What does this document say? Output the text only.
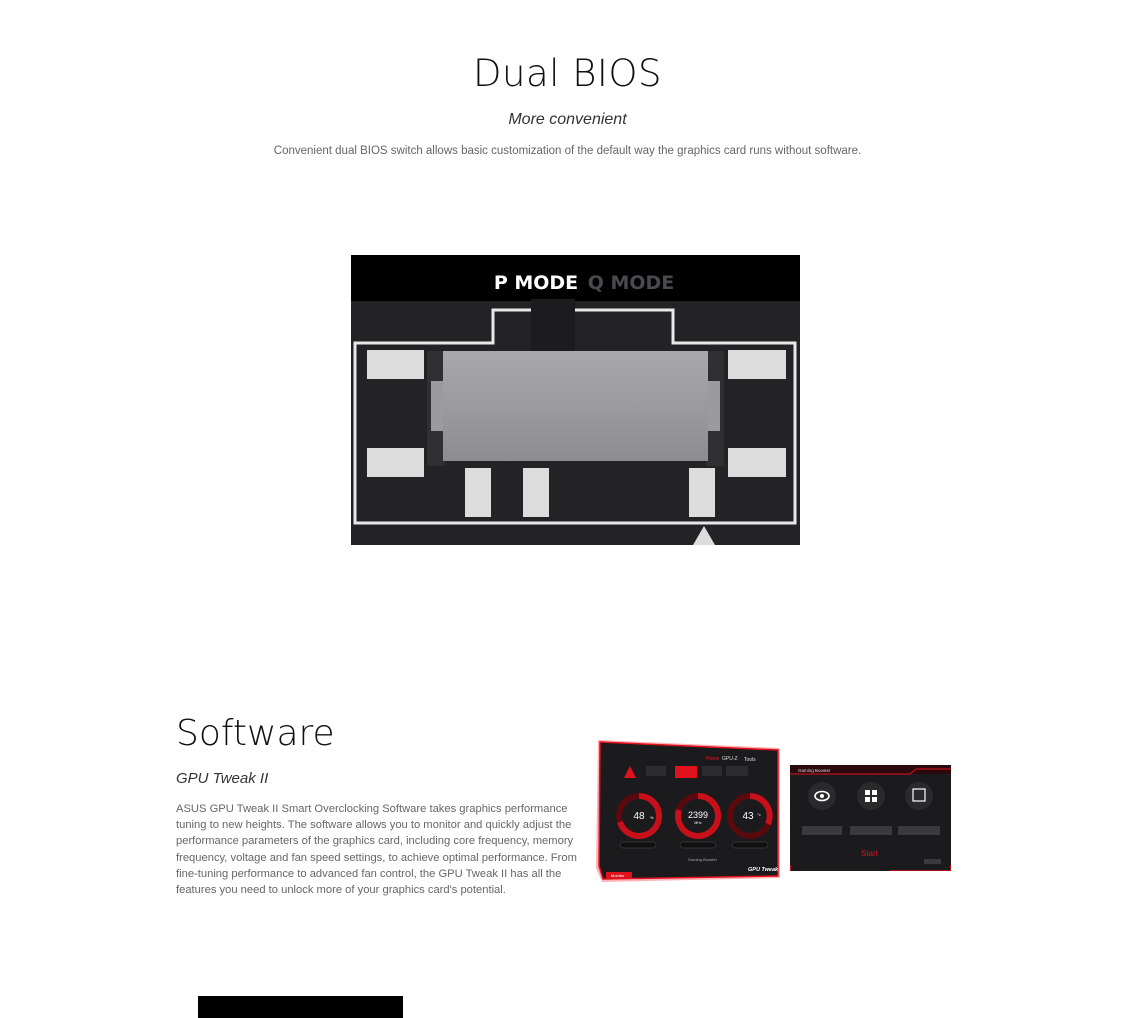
Dual BIOS

More convenient

Convenient dual BIOS switch allows basic customization of the default way the graphics card runs without software.

P MODE Q MODE
Software

GPU Tweak II

ASUS GPU Tweak II Smart Overclocking Software takes graphics performance tuning to new heights. The software allows you to monitor and quickly adjust the performance parameters of the graphics card, including core frequency, memory frequency, voltage and fan speed settings, to achieve optimal performance. From fine-tuning performance to advanced fan control, the GPU Tweak II has all the features you need to unlock more of your graphics card's potential.

Home GPU-Z Tools
48 %	2399
MHz
43 °c
Gaming Booster
GPU Tweak II
Monitor
Gaming Booster
Start
